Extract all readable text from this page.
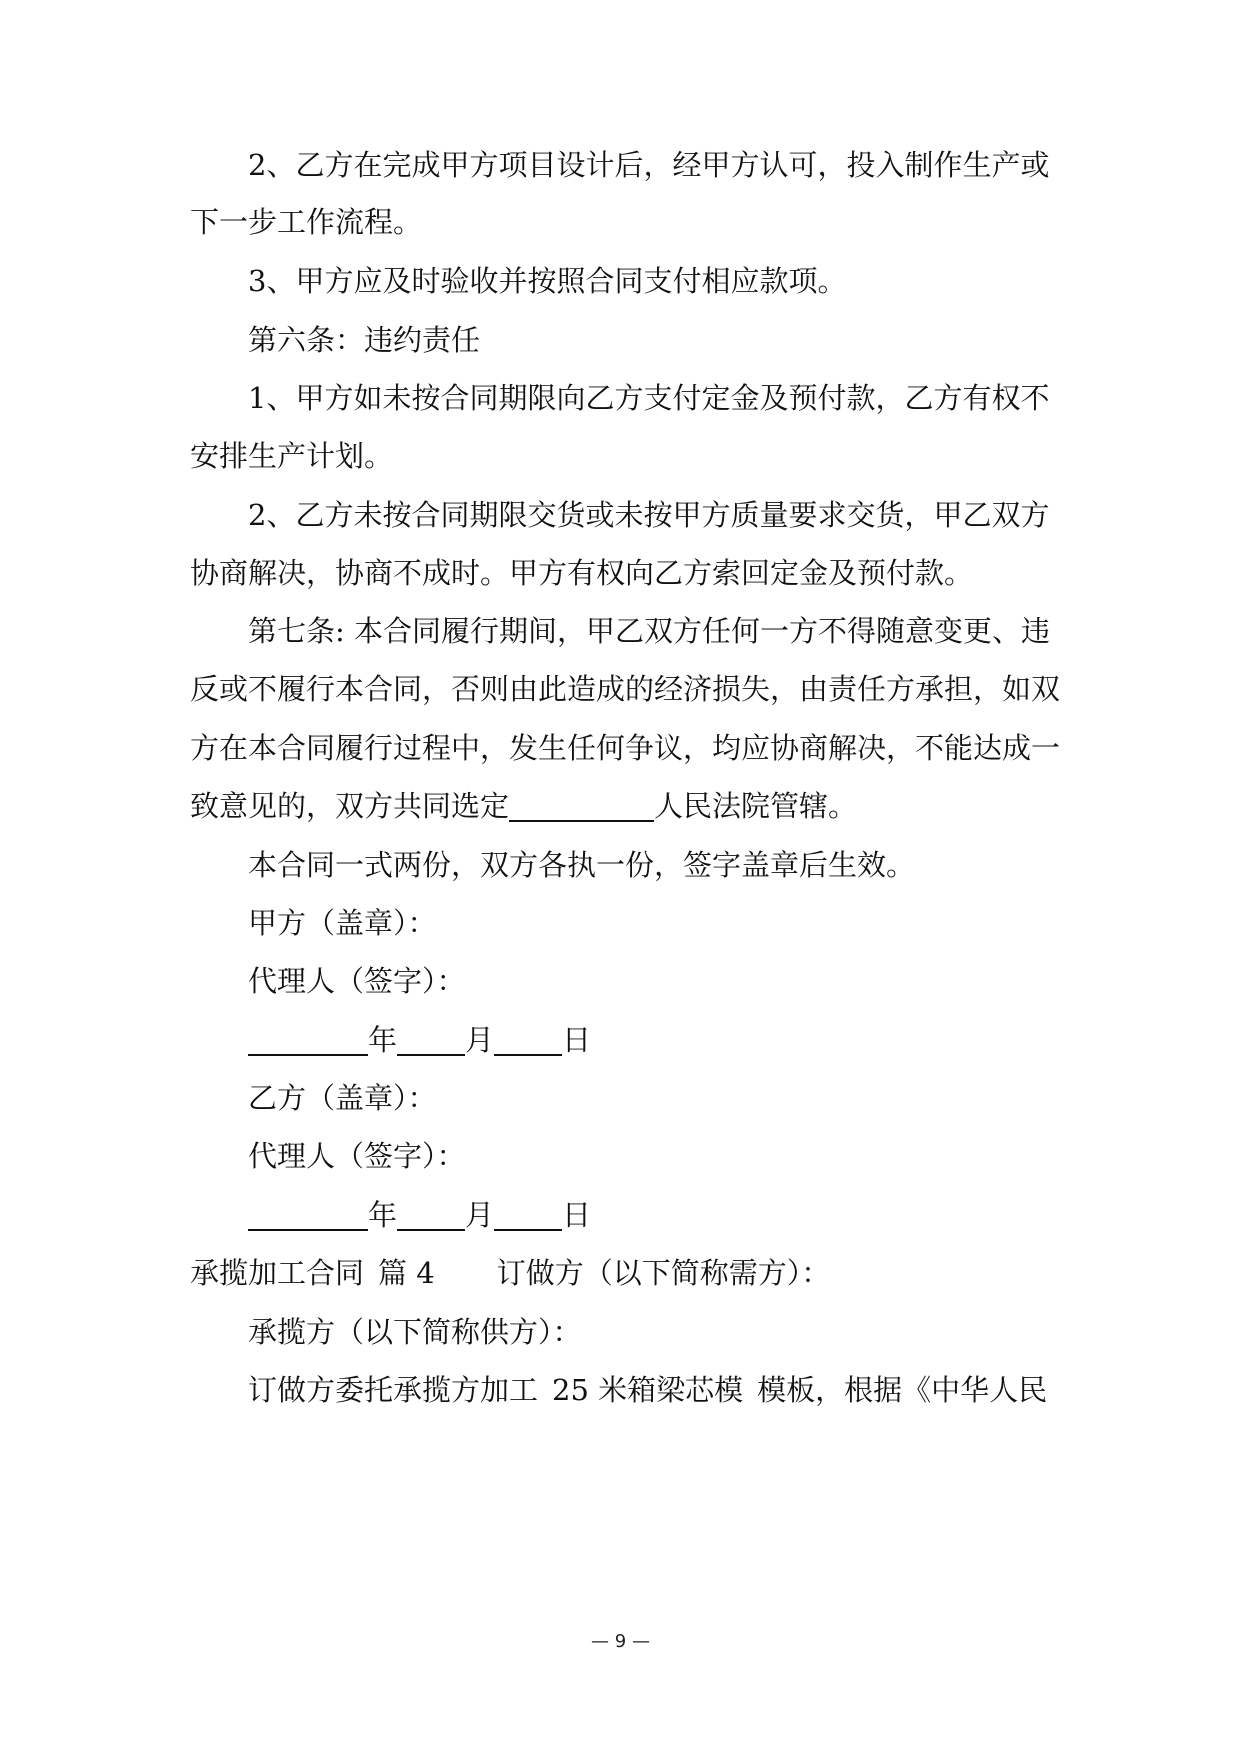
2、乙方在完成甲方项目设计后，经甲方认可，投入制作生产或
下一步工作流程。
3、甲方应及时验收并按照合同支付相应款项。
第六条：违约责任
1、甲方如未按合同期限向乙方支付定金及预付款，乙方有权不
安排生产计划。
2、乙方未按合同期限交货或未按甲方质量要求交货，甲乙双方
协商解决，协商不成时。甲方有权向乙方索回定金及预付款。
第七条: 本合同履行期间，甲乙双方任何一方不得随意变更、违
反或不履行本合同，否则由此造成的经济损失，由责任方承担，如双
方在本合同履行过程中，发生任何争议，均应协商解决，不能达成一
致意见的，双方共同选定	人民法院管辖。
本合同一式两份，双方各执一份，签字盖章后生效。
甲方（盖章）：
代理人（签字）：
年 月 日
乙方（盖章）：
代理人（签字）：
年 月 日
承揽加工合同 篇 4 订做方（以下简称需方）：
承揽方（以下简称供方）：
订做方委托承揽方加工 25 米箱梁芯模 模板，根据《中华人民
— 9 —
